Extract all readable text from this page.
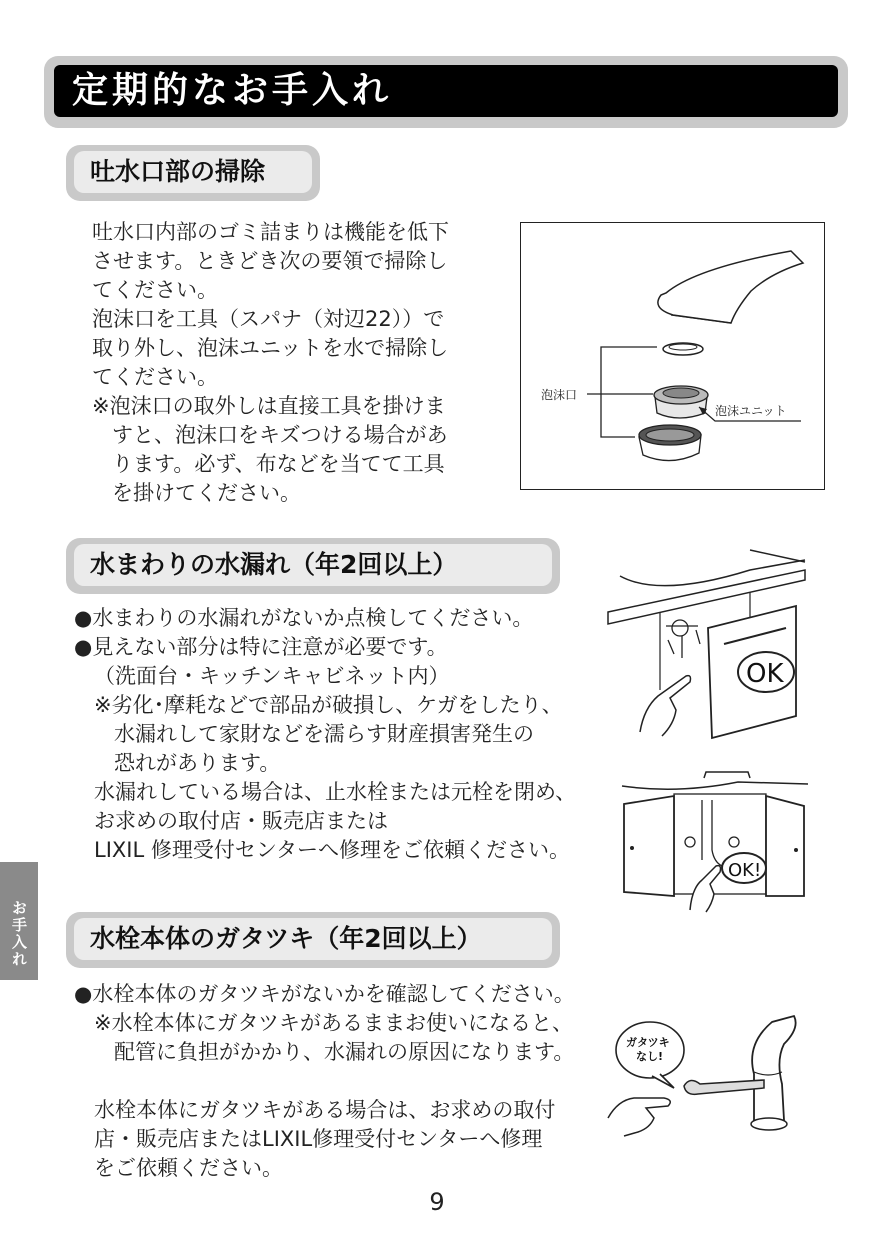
定期的なお手入れ
吐水口部の掃除
吐水口内部のゴミ詰まりは機能を低下
させます。ときどき次の要領で掃除し
てください。
泡沫口を工具（スパナ（対辺22））で
取り外し、泡沫ユニットを水で掃除し
てください。
※泡沫口の取外しは直接工具を掛けま
すと、泡沫口をキズつける場合があ
ります。必ず、布などを当てて工具
を掛けてください。
泡沫口
泡沫ユニット
水まわりの水漏れ（年2回以上）
●水まわりの水漏れがないか点検してください。
●見えない部分は特に注意が必要です。
（洗面台・キッチンキャビネット内）
※劣化･摩耗などで部品が破損し、ケガをしたり、
水漏れして家財などを濡らす財産損害発生の
恐れがあります。
水漏れしている場合は、止水栓または元栓を閉め、
お求めの取付店・販売店または
LIXIL 修理受付センターへ修理をご依頼ください。
OK
OK!
水栓本体のガタツキ（年2回以上）
●水栓本体のガタツキがないかを確認してください。
※水栓本体にガタツキがあるままお使いになると、
配管に負担がかかり、水漏れの原因になります。
水栓本体にガタツキがある場合は、お求めの取付
店・販売店またはLIXIL修理受付センターへ修理
をご依頼ください。
ガタツキ
なし!
お手入れ
9
